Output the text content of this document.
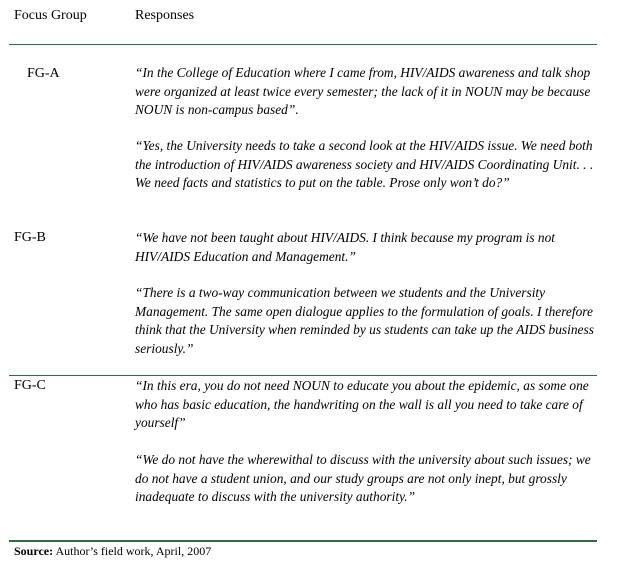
Focus Group	Responses
FG-A	“In the College of Education where I came from, HIV/AIDS awareness and talk shop were organized at least twice every semester; the lack of it in NOUN may be because NOUN is non-campus based”.

“Yes, the University needs to take a second look at the HIV/AIDS issue. We need both the introduction of HIV/AIDS awareness society and HIV/AIDS Coordinating Unit. . . We need facts and statistics to put on the table. Prose only won’t do?”

FG-B	“We have not been taught about HIV/AIDS. I think because my program is not HIV/AIDS Education and Management.”

“There is a two-way communication between we students and the University Management. The same open dialogue applies to the formulation of goals. I therefore think that the University when reminded by us students can take up the AIDS business seriously.”

FG-C	“In this era, you do not need NOUN to educate you about the epidemic, as some one who has basic education, the handwriting on the wall is all you need to take care of yourself”

“We do not have the wherewithal to discuss with the university about such issues; we do not have a student union, and our study groups are not only inept, but grossly inadequate to discuss with the university authority.”

Source: Author’s field work, April, 2007
